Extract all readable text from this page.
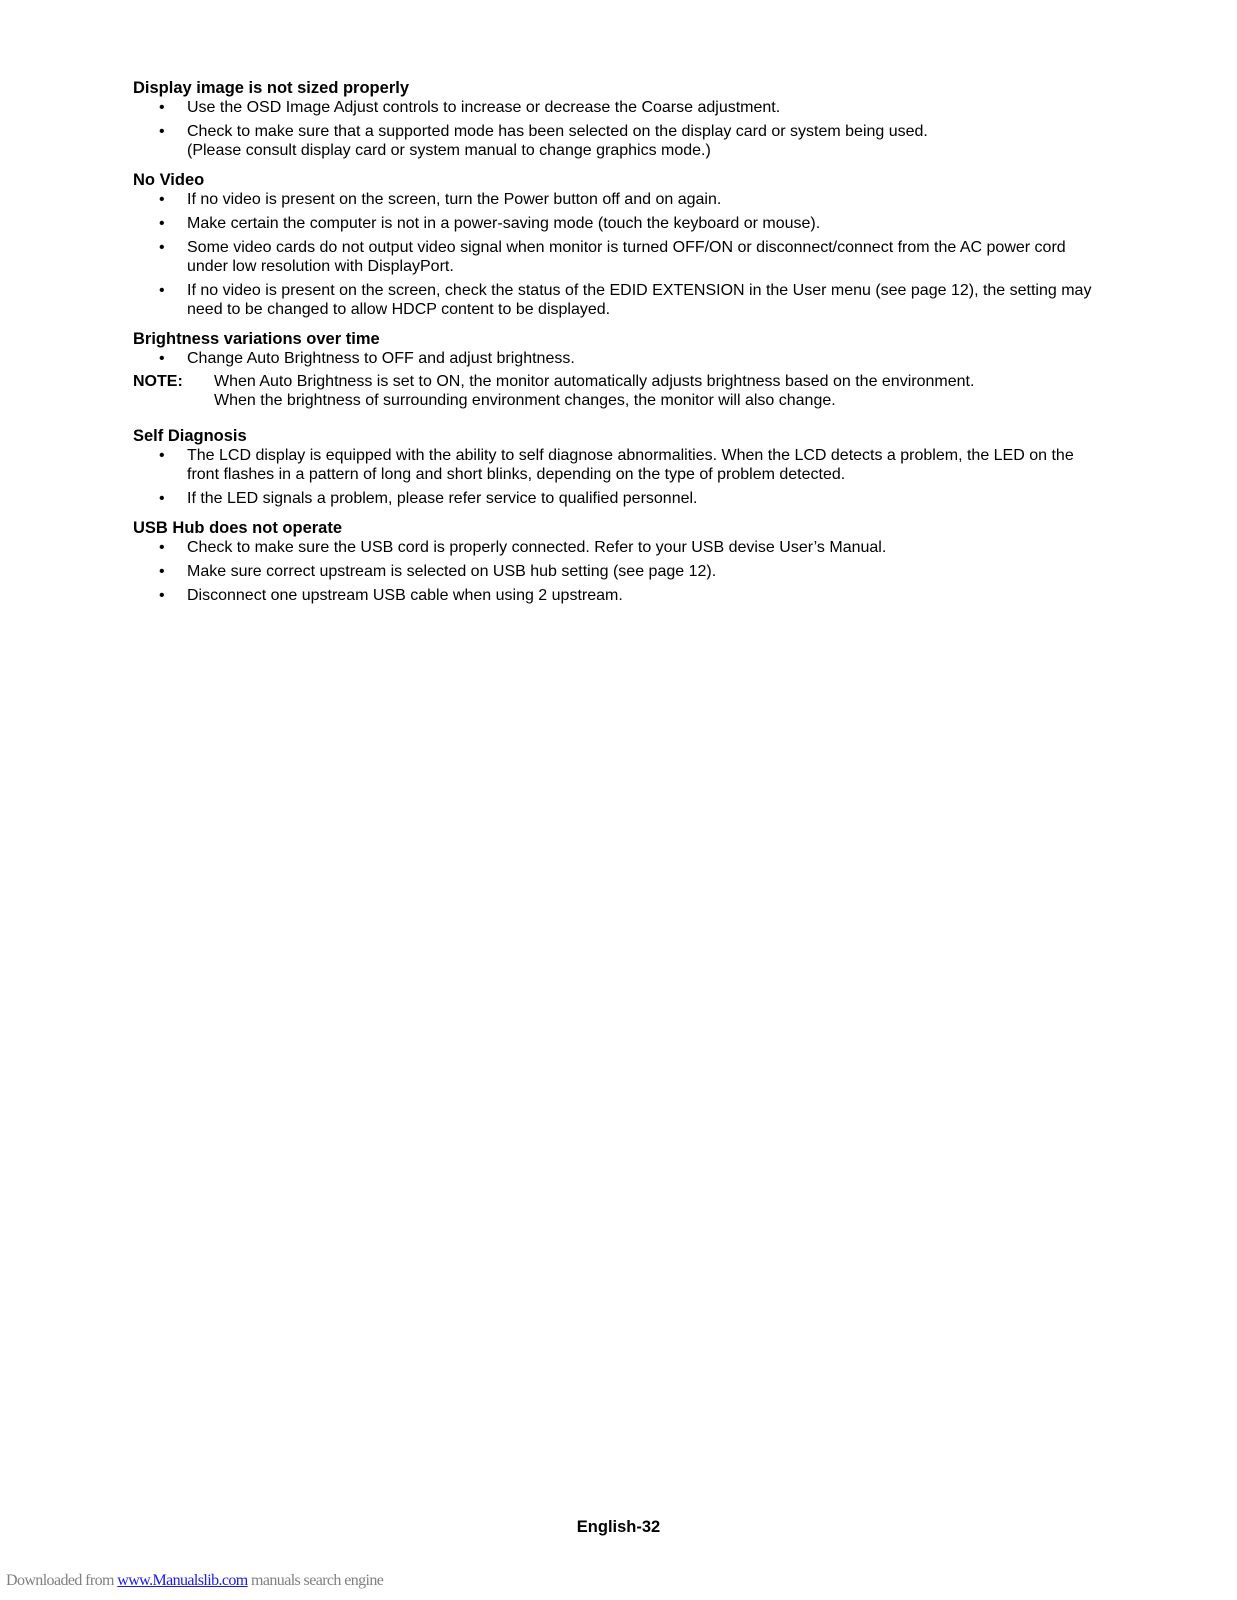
Display image is not sized properly

• Use the OSD Image Adjust controls to increase or decrease the Coarse adjustment.
• Check to make sure that a supported mode has been selected on the display card or system being used.
(Please consult display card or system manual to change graphics mode.)

No Video

• If no video is present on the screen, turn the Power button off and on again.
• Make certain the computer is not in a power-saving mode (touch the keyboard or mouse).
• Some video cards do not output video signal when monitor is turned OFF/ON or disconnect/connect from the AC power cord under low resolution with DisplayPort.
• If no video is present on the screen, check the status of the EDID EXTENSION in the User menu (see page 12), the setting may need to be changed to allow HDCP content to be displayed.

Brightness variations over time

• Change Auto Brightness to OFF and adjust brightness.
NOTE:	When Auto Brightness is set to ON, the monitor automatically adjusts brightness based on the environment.
When the brightness of surrounding environment changes, the monitor will also change.

Self Diagnosis

• The LCD display is equipped with the ability to self diagnose abnormalities. When the LCD detects a problem, the LED on the front flashes in a pattern of long and short blinks, depending on the type of problem detected.
• If the LED signals a problem, please refer service to qualified personnel.

USB Hub does not operate

• Check to make sure the USB cord is properly connected. Refer to your USB devise User’s Manual.
• Make sure correct upstream is selected on USB hub setting (see page 12).
• Disconnect one upstream USB cable when using 2 upstream.
English-32
Downloaded from www.Manualslib.com manuals search engine
